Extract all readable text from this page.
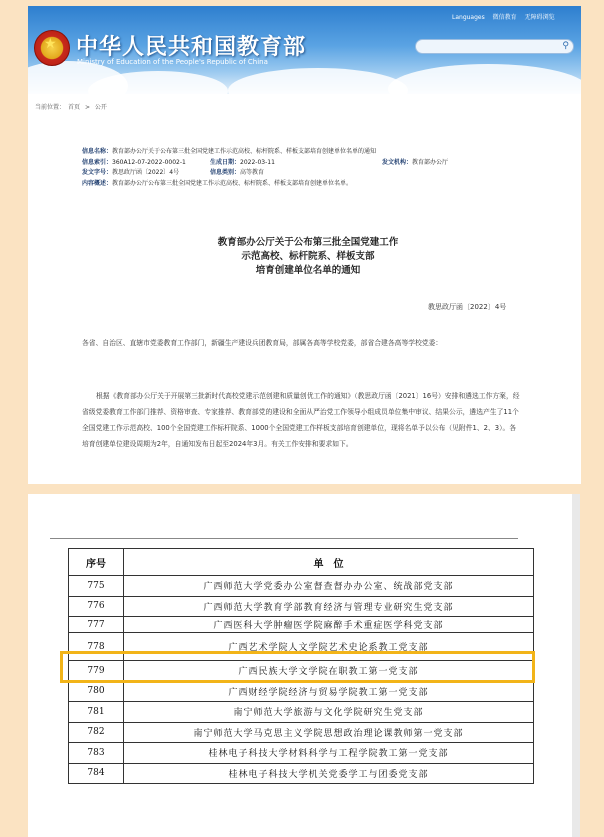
★ 中华人民共和国教育部
Ministry of Education of the People's Republic of China
Languages 微信教育 无障碍浏览
⚲
当前位置： 首页 > 公开
信息名称：教育部办公厅关于公布第三批全国党建工作示范高校、标杆院系、样板支部培育创建单位名单的通知
信息索引：360A12-07-2022-0002-1	生成日期：2022-03-11	发文机构：教育部办公厅
发文字号：教思政厅函〔2022〕4号	信息类别：高等教育
内容概述：教育部办公厅公布第三批全国党建工作示范高校、标杆院系、样板支部培育创建单位名单。
教育部办公厅关于公布第三批全国党建工作
示范高校、标杆院系、样板支部
培育创建单位名单的通知
教思政厅函〔2022〕4号
各省、自治区、直辖市党委教育工作部门，新疆生产建设兵团教育局，部属各高等学校党委，部省合建各高等学校党委：

根据《教育部办公厅关于开展第三批新时代高校党建示范创建和质量创优工作的通知》（教思政厅函〔2021〕16号）安排和遴选工作方案，经省级党委教育工作部门推荐、资格审查、专家推荐、教育部党的建设和全面从严治党工作领导小组成员单位集中审议、结果公示，遴选产生了11个全国党建工作示范高校、100个全国党建工作标杆院系、1000个全国党建工作样板支部培育创建单位，现将名单予以公布（见附件1、2、3）。各培育创建单位建设周期为2年，自通知发布日起至2024年3月。有关工作安排和要求如下。

序号	单　位
775	广西师范大学党委办公室督查督办办公室、统战部党支部
776	广西师范大学教育学部教育经济与管理专业研究生党支部
777	广西医科大学肿瘤医学院麻醉手术重症医学科党支部
778	广西艺术学院人文学院艺术史论系教工党支部
779	广西民族大学文学院在职教工第一党支部
780	广西财经学院经济与贸易学院教工第一党支部
781	南宁师范大学旅游与文化学院研究生党支部
782	南宁师范大学马克思主义学院思想政治理论课教师第一党支部
783	桂林电子科技大学材料科学与工程学院教工第一党支部
784	桂林电子科技大学机关党委学工与团委党支部
